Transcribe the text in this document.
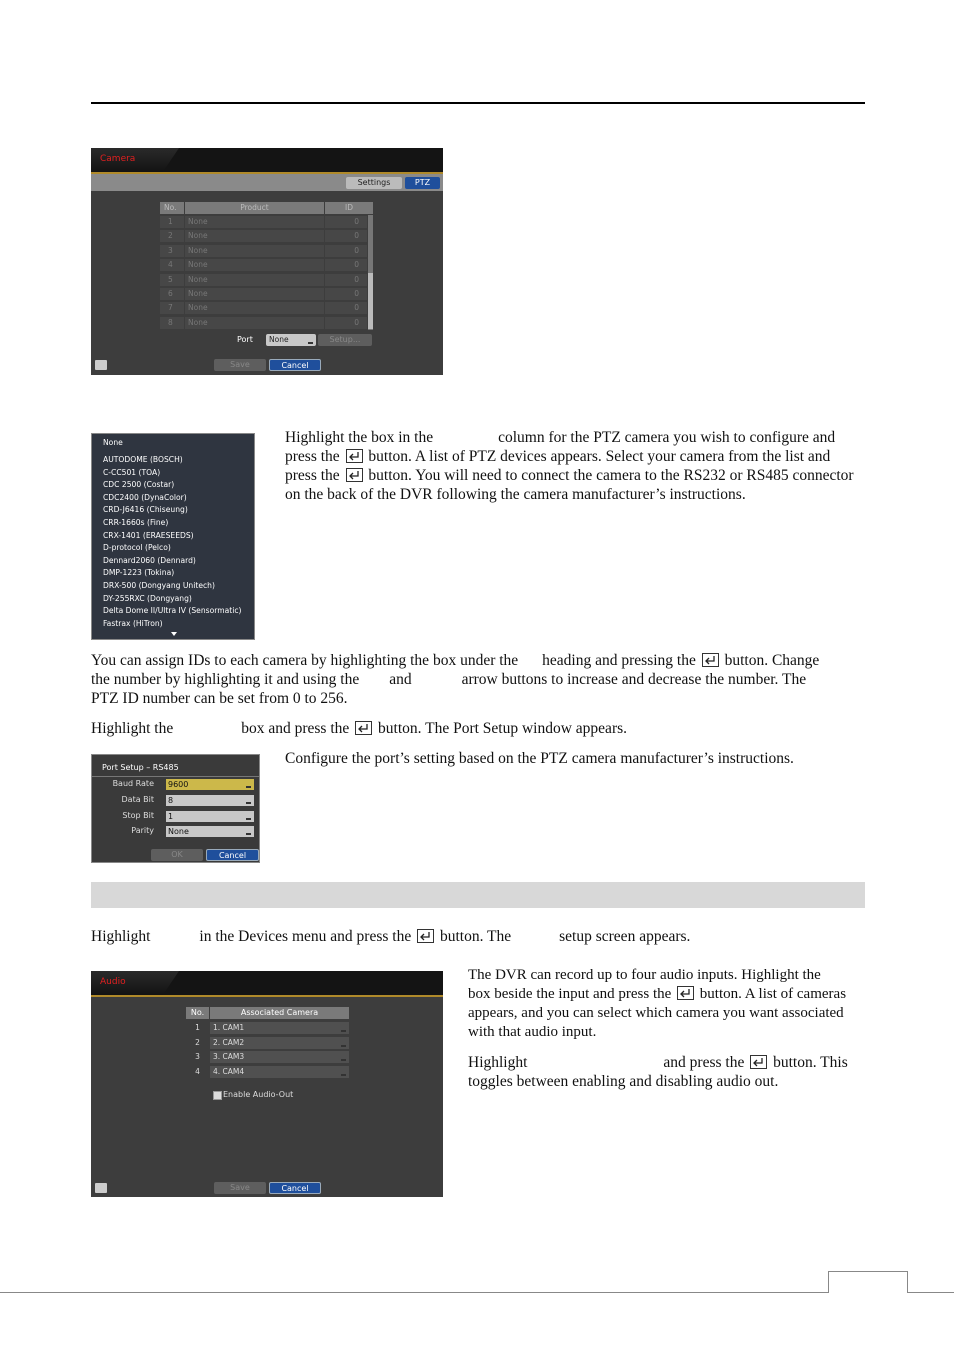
Camera
Settings	PTZ
No.	Product	ID
1	None	0
2	None	0
3	None	0
4	None	0
5	None	0
6	None	0
7	None	0
8	None	0
Port	None	Setup...
Save	Cancel
None
AUTODOME (BOSCH)
C-CC501 (TOA)
CDC 2500 (Costar)
CDC2400 (DynaColor)
CRD-J6416 (Chiseung)
CRR-1660s (Fine)
CRX-1401 (ERAESEEDS)
D-protocol (Pelco)
Dennard2060 (Dennard)
DMP-1223 (Tokina)
DRX-500 (Dongyang Unitech)
DY-255RXC (Dongyang)
Delta Dome II/Ultra IV (Sensormatic)
Fastrax (HiTron)
Highlight the box in the	column for the PTZ camera you wish to configure and
press the button. A list of PTZ devices appears. Select your camera from the list and
press the button. You will need to connect the camera to the RS232 or RS485 connector
on the back of the DVR following the camera manufacturer’s instructions.
You can assign IDs to each camera by highlighting the box under the heading and pressing the button. Change
the number by highlighting it and using the and	arrow buttons to increase and decrease the number. The
PTZ ID number can be set from 0 to 256.
Highlight the	box and press the button. The Port Setup window appears.
Port Setup – RS485
Baud Rate 9600
Data Bit 8
Stop Bit 1
Parity None
OK	Cancel
Configure the port’s setting based on the PTZ camera manufacturer’s instructions.
Highlight	in the Devices menu and press the button. The	setup screen appears.
Audio
No.	Associated Camera
1	1. CAM1
2	2. CAM2
3	3. CAM3
4	4. CAM4
Enable Audio-Out
Save	Cancel
The DVR can record up to four audio inputs. Highlight the
box beside the input and press the button. A list of cameras
appears, and you can select which camera you want associated
with that audio input.
Highlight	and press the button. This
toggles between enabling and disabling audio out.
